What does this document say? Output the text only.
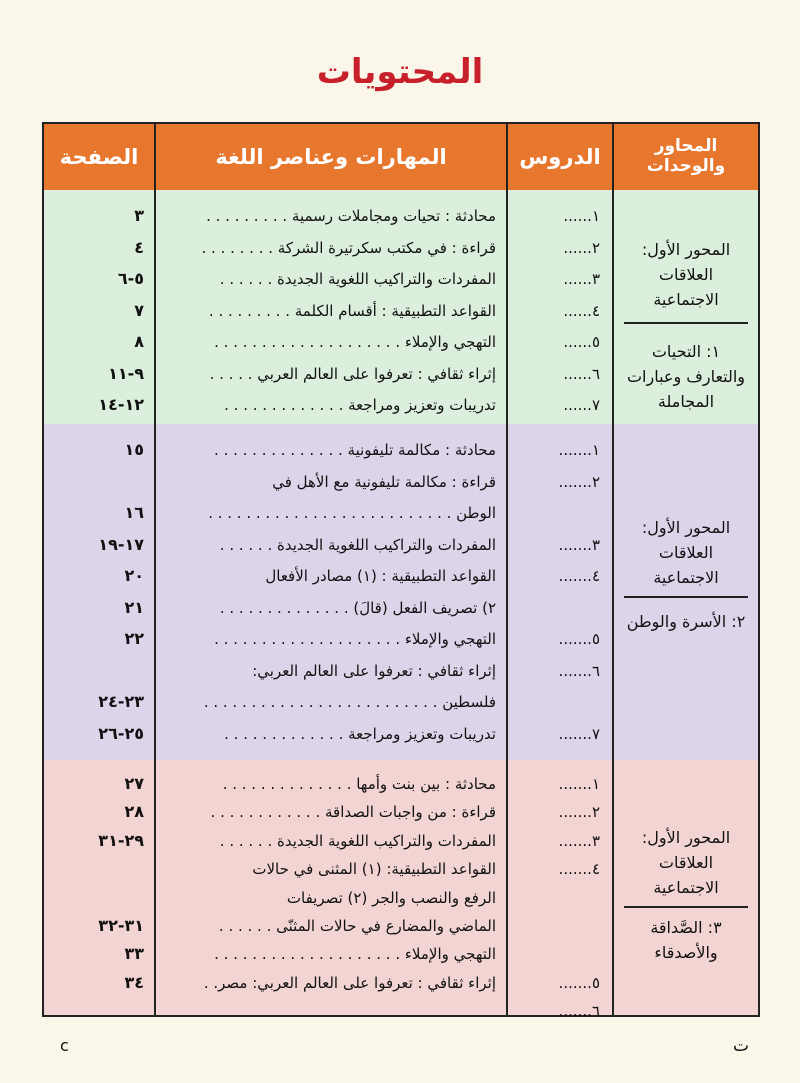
المحتويات
المحاور والوحدات
الدروس
المهارات وعناصر اللغة
الصفحة
المحور الأول: العلاقات الاجتماعية
١: التحيات والتعارف وعبارات المجاملة
١......
٢......
٣......
٤......
٥......
٦......
٧......
محادثة : تحيات ومجاملات رسمية . . . . . . . . .
قراءة : في مكتب سكرتيرة الشركة . . . . . . . .
المفردات والتراكيب اللغوية الجديدة . . . . . .
القواعد التطبيقية : أقسام الكلمة . . . . . . . . .
التهجي والإملاء . . . . . . . . . . . . . . . . . . . .
إثراء ثقافي : تعرفوا على العالم العربي . . . . .
تدريبات وتعزيز ومراجعة . . . . . . . . . . . . .
٣
٤
٥-٦
٧
٨
٩-١١
١٢-١٤
المحور الأول: العلاقات الاجتماعية
٢: الأسرة والوطن
١.......
٢.......
٣.......
٤.......
٥.......
٦.......
٧.......
محادثة : مكالمة تليفونية . . . . . . . . . . . . . .
قراءة : مكالمة تليفونية مع الأهل في
الوطن . . . . . . . . . . . . . . . . . . . . . . . . . .
المفردات والتراكيب اللغوية الجديدة . . . . . .
القواعد التطبيقية : (١) مصادر الأفعال
٢) تصريف الفعل (قالَ) . . . . . . . . . . . . . .
التهجي والإملاء . . . . . . . . . . . . . . . . . . . .
إثراء ثقافي : تعرفوا على العالم العربي:
فلسطين . . . . . . . . . . . . . . . . . . . . . . . . .
تدريبات وتعزيز ومراجعة . . . . . . . . . . . . .
١٥
١٦
١٧-١٩
٢٠
٢١
٢٢
٢٣-٢٤
٢٥-٢٦
المحور الأول: العلاقات الاجتماعية
٣: الصَّداقة والأصدقاء
١.......
٢.......
٣.......
٤.......
٥.......
٦.......
محادثة : بين بنت وأمها . . . . . . . . . . . . . .
قراءة : من واجبات الصداقة . . . . . . . . . . . .
المفردات والتراكيب اللغوية الجديدة . . . . . .
القواعد التطبيقية: (١) المثنى في حالات
الرفع والنصب والجر (٢) تصريفات
الماضي والمضارع في حالات المثنّى . . . . . .
التهجي والإملاء . . . . . . . . . . . . . . . . . . . .
إثراء ثقافي : تعرفوا على العالم العربي: مصر. .
٢٧
٢٨
٢٩-٣١
٣١-٣٢
٣٣
٣٤
c	ت
